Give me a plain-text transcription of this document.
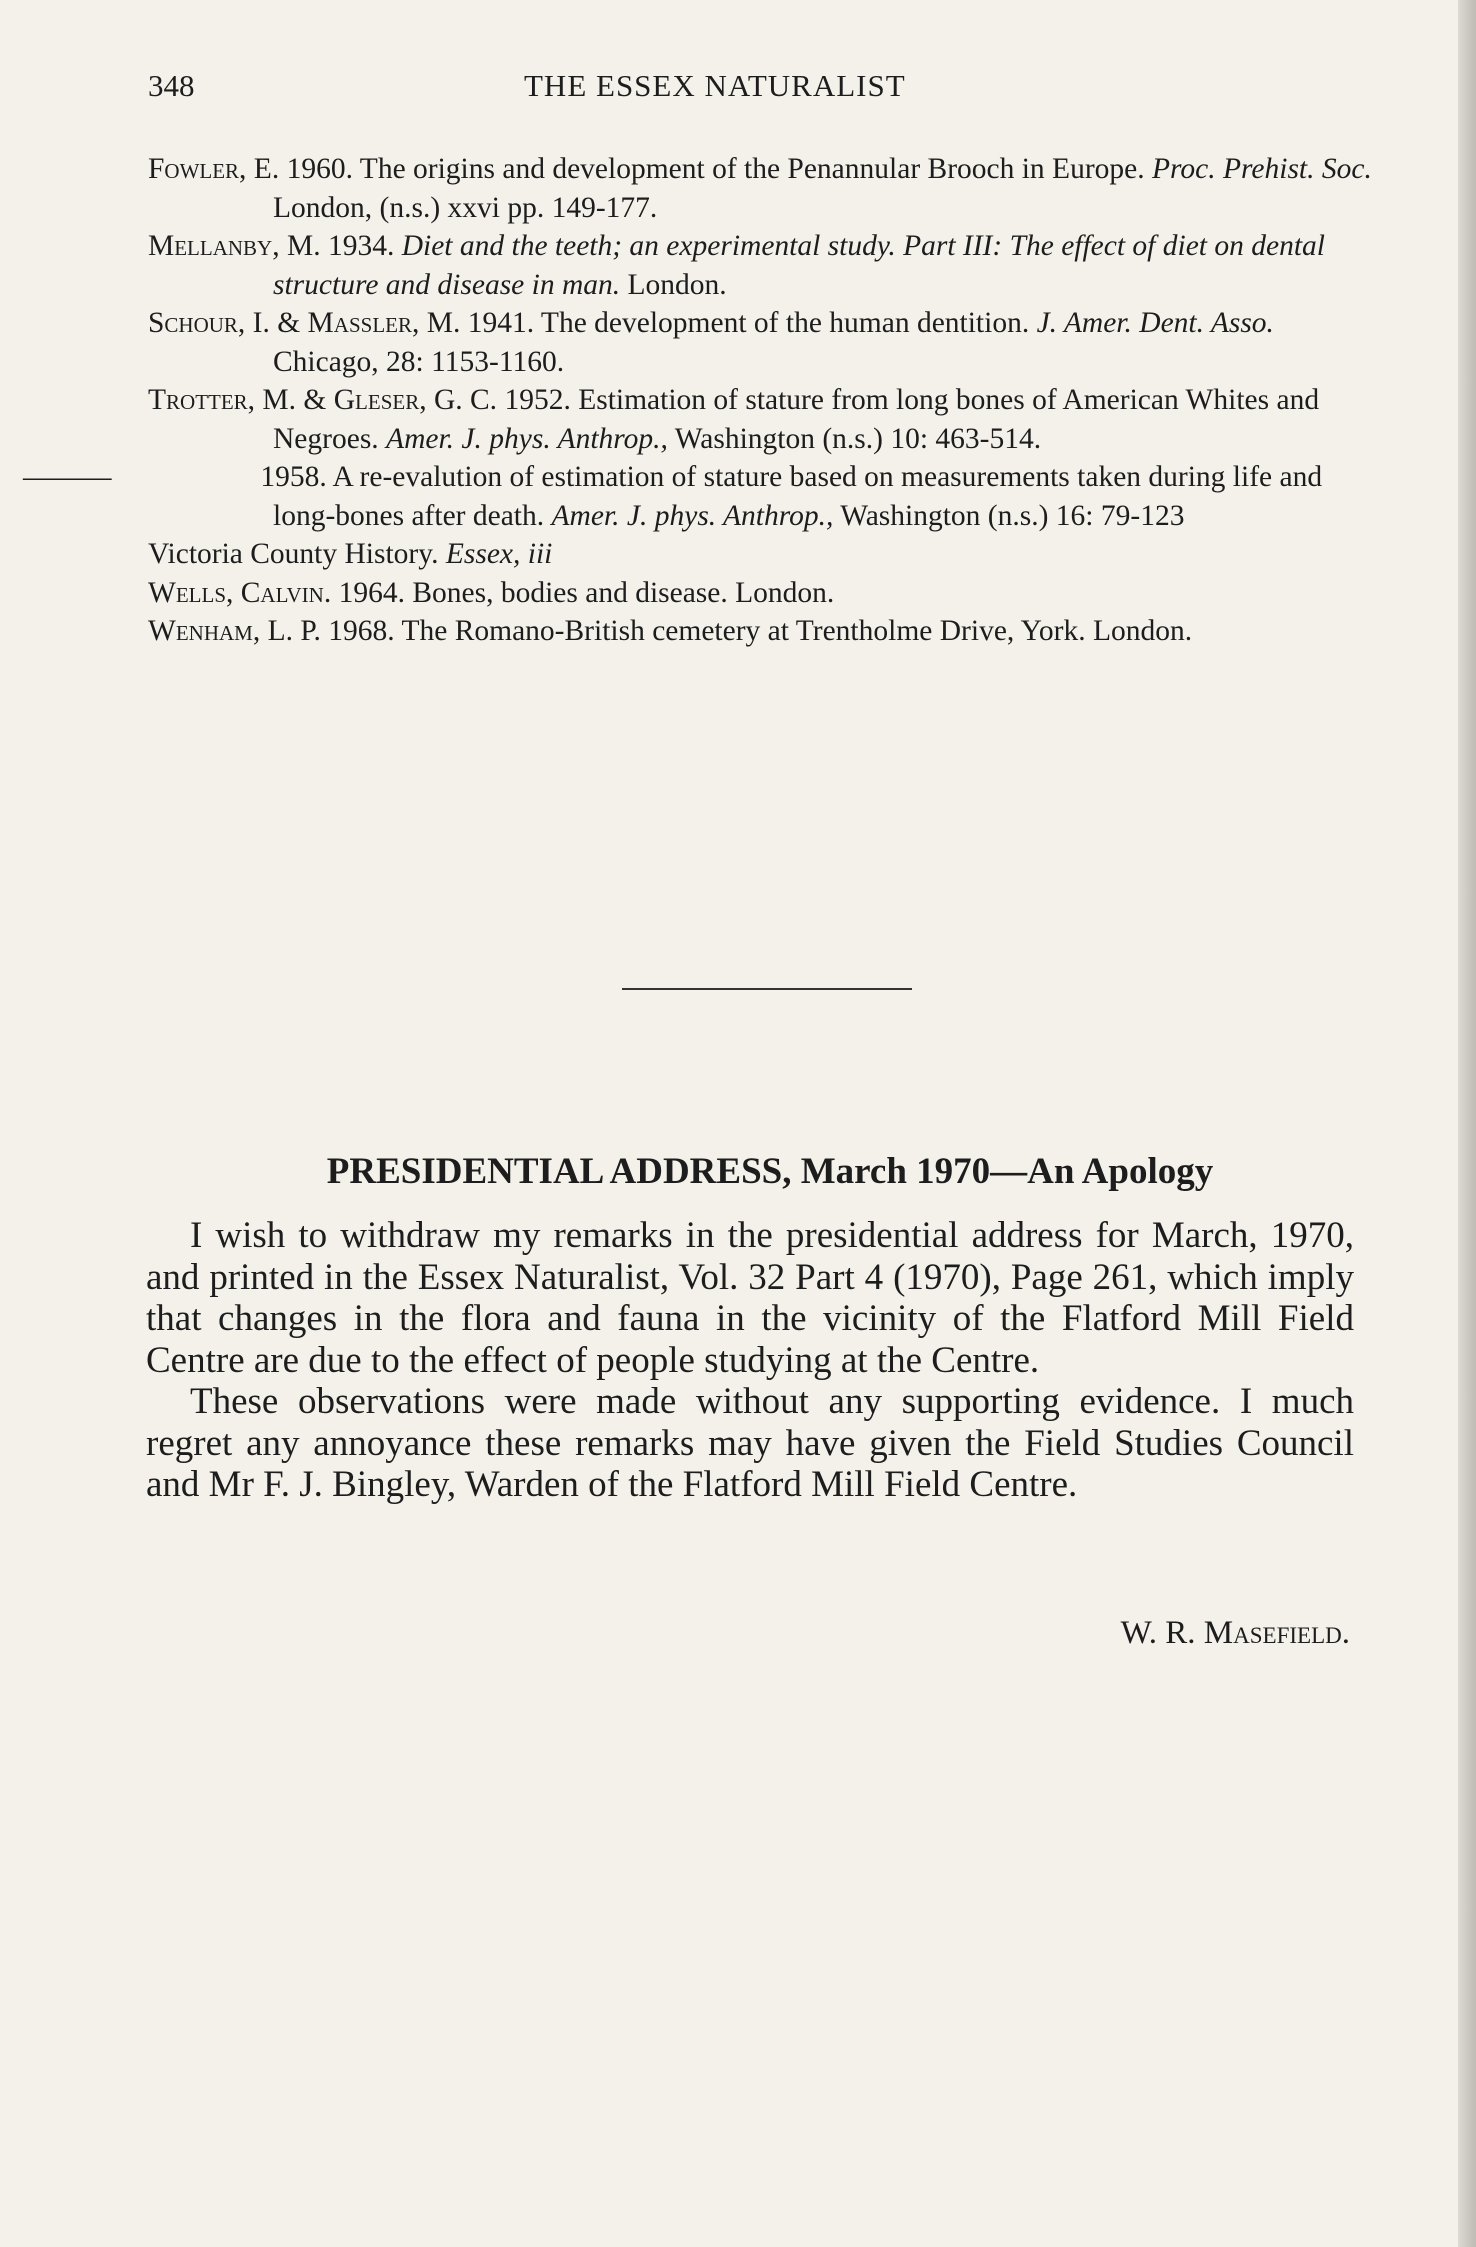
348	THE ESSEX NATURALIST

Fowler, E. 1960. The origins and development of the Penannular Brooch in Europe. Proc. Prehist. Soc. London, (n.s.) xxvi pp. 149-177.

Mellanby, M. 1934. Diet and the teeth; an experimental study. Part III: The effect of diet on dental structure and disease in man. London.

Schour, I. & Massler, M. 1941. The development of the human dentition. J. Amer. Dent. Asso. Chicago, 28: 1153-1160.

Trotter, M. & Gleser, G. C. 1952. Estimation of stature from long bones of American Whites and Negroes. Amer. J. phys. Anthrop., Washington (n.s.) 10: 463-514.

———	1958. A re-evalution of estimation of stature based on measurements taken during life and long-bones after death. Amer. J. phys. Anthrop., Washington (n.s.) 16: 79-123

Victoria County History. Essex, iii

Wells, Calvin. 1964. Bones, bodies and disease. London.

Wenham, L. P. 1968. The Romano-British cemetery at Trentholme Drive, York. London.

PRESIDENTIAL ADDRESS, March 1970—An Apology

I wish to withdraw my remarks in the presidential address for March, 1970, and printed in the Essex Naturalist, Vol. 32 Part 4 (1970), Page 261, which imply that changes in the flora and fauna in the vicinity of the Flatford Mill Field Centre are due to the effect of people studying at the Centre.

These observations were made without any supporting evidence. I much regret any annoyance these remarks may have given the Field Studies Council and Mr F. J. Bingley, Warden of the Flatford Mill Field Centre.

W. R. Masefield.
